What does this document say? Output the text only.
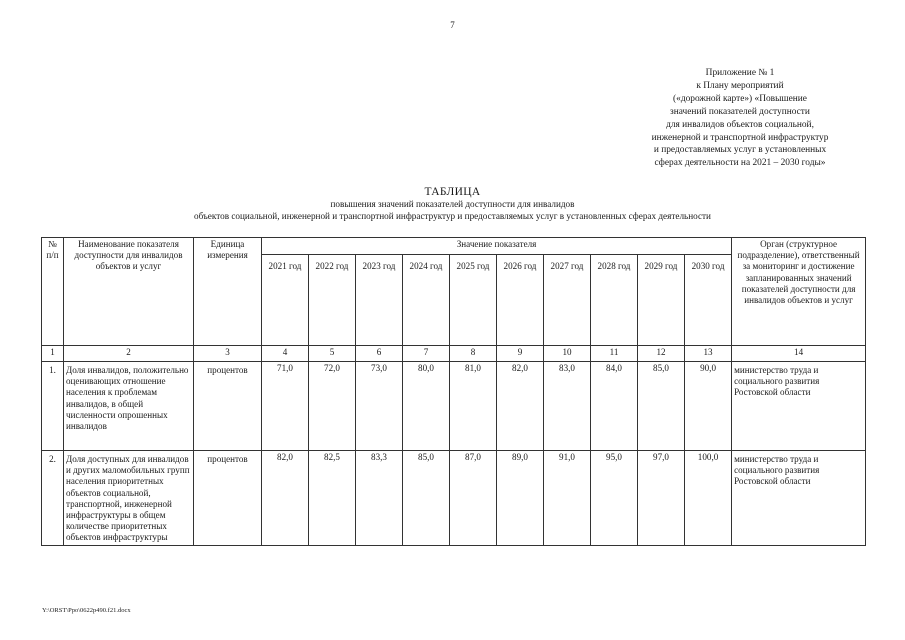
7
Приложение № 1
к Плану мероприятий
(«дорожной карте») «Повышение
значений показателей доступности
для инвалидов объектов социальной,
инженерной и транспортной инфраструктур
и предоставляемых услуг в установленных
сферах деятельности на 2021 – 2030 годы»
ТАБЛИЦА
повышения значений показателей доступности для инвалидов
объектов социальной, инженерной и транспортной инфраструктур и предоставляемых услуг в установленных сферах деятельности
№ п/п	Наименование показателя доступности для инвалидов объектов и услуг	Единица измерения	Значение показателя										Орган (структурное подразделение), ответственный за мониторинг и достижение запланированных значений показателей доступности для инвалидов объектов и услуг
			2021 год	2022 год	2023 год	2024 год	2025 год	2026 год	2027 год	2028 год	2029 год	2030 год	
1	2	3	4	5	6	7	8	9	10	11	12	13	14
1.	Доля инвалидов, положительно оценивающих отношение населения к проблемам инвалидов, в общей численности опрошенных инвалидов	процентов	71,0	72,0	73,0	80,0	81,0	82,0	83,0	84,0	85,0	90,0	министерство труда и социального развития Ростовской области
2.	Доля доступных для инвалидов и других маломобильных групп населения приоритетных объектов социальной, транспортной, инженерной инфраструктуры в общем количестве приоритетных объектов инфраструктуры	процентов	82,0	82,5	83,3	85,0	87,0	89,0	91,0	95,0	97,0	100,0	министерство труда и социального развития Ростовской области
Y:\ORST\Ppo\0622p490.f21.docx
